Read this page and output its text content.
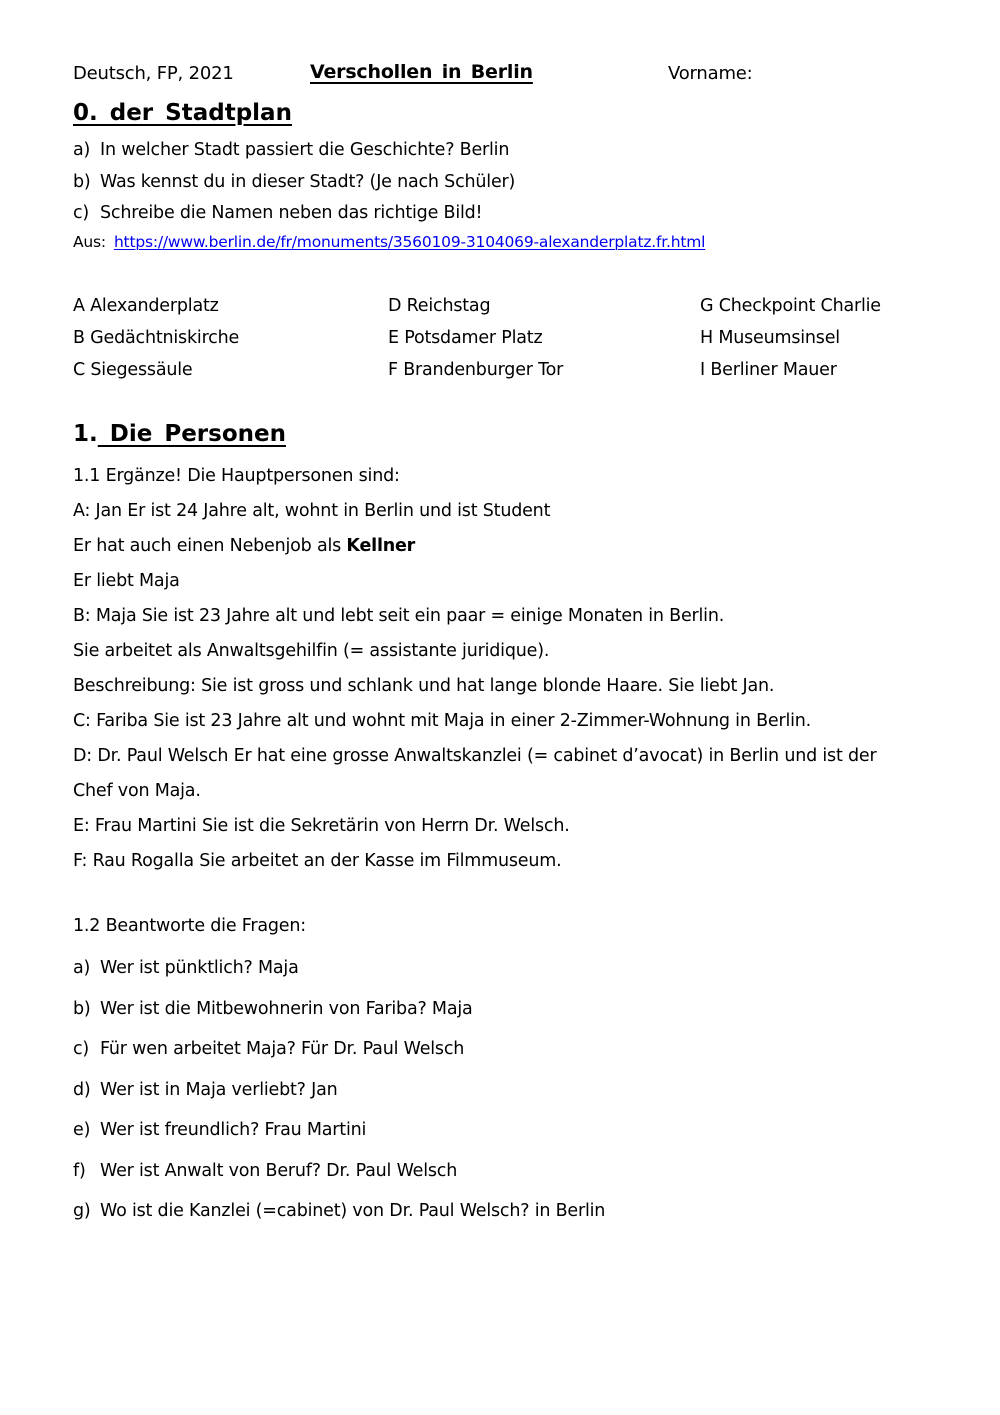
Deutsch, FP, 2021	Verschollen in Berlin	Vorname:
0. der Stadtplan
a) In welcher Stadt passiert die Geschichte? Berlin
b) Was kennst du in dieser Stadt? (Je nach Schüler)
c) Schreibe die Namen neben das richtige Bild!
Aus: https://www.berlin.de/fr/monuments/3560109-3104069-alexanderplatz.fr.html
A Alexanderplatz
B Gedächtniskirche
C Siegessäule
D Reichstag
E Potsdamer Platz
F Brandenburger Tor
G Checkpoint Charlie
H Museumsinsel
I Berliner Mauer
1. Die Personen
1.1 Ergänze! Die Hauptpersonen sind:
A: Jan Er ist 24 Jahre alt, wohnt in Berlin und ist Student
Er hat auch einen Nebenjob als Kellner
Er liebt Maja
B: Maja Sie ist 23 Jahre alt und lebt seit ein paar = einige Monaten in Berlin.
Sie arbeitet als Anwaltsgehilfin (= assistante juridique).
Beschreibung: Sie ist gross und schlank und hat lange blonde Haare. Sie liebt Jan.
C: Fariba Sie ist 23 Jahre alt und wohnt mit Maja in einer 2-Zimmer-Wohnung in Berlin.
D: Dr. Paul Welsch Er hat eine grosse Anwaltskanzlei (= cabinet d’avocat) in Berlin und ist der
Chef von Maja.
E: Frau Martini Sie ist die Sekretärin von Herrn Dr. Welsch.
F: Rau Rogalla Sie arbeitet an der Kasse im Filmmuseum.
1.2 Beantworte die Fragen:
a) Wer ist pünktlich? Maja
b) Wer ist die Mitbewohnerin von Fariba? Maja
c) Für wen arbeitet Maja? Für Dr. Paul Welsch
d) Wer ist in Maja verliebt? Jan
e) Wer ist freundlich? Frau Martini
f) Wer ist Anwalt von Beruf? Dr. Paul Welsch
g) Wo ist die Kanzlei (=cabinet) von Dr. Paul Welsch? in Berlin
